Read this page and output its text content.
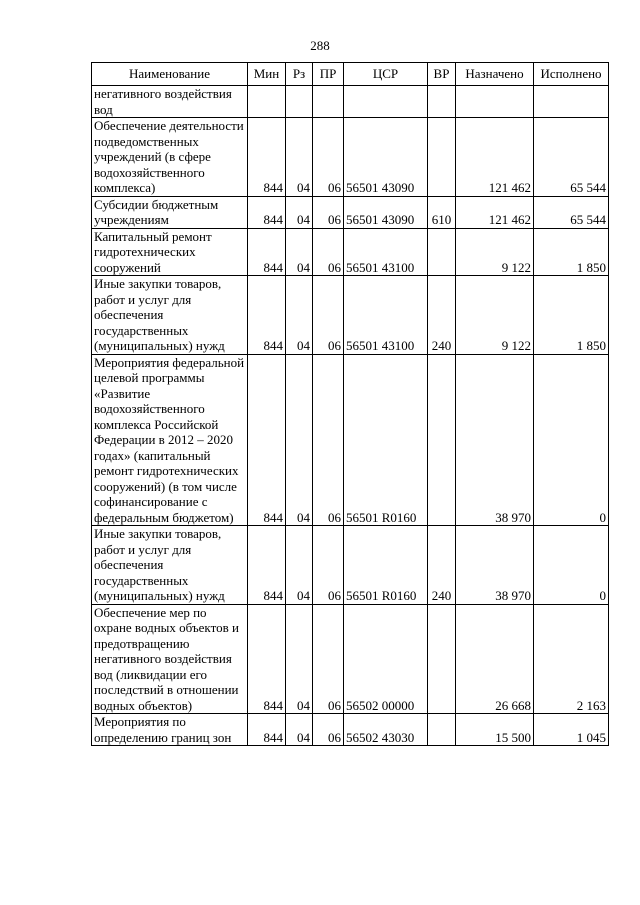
288
Наименование	Мин	Рз	ПР	ЦСР	ВР	Назначено	Исполнено
негативного воздействия вод							
Обеспечение деятельности подведомственных учреждений (в сфере водохозяйственного комплекса)	844	04	06	56501 43090		121 462	65 544
Субсидии бюджетным учреждениям	844	04	06	56501 43090	610	121 462	65 544
Капитальный ремонт гидротехнических сооружений	844	04	06	56501 43100		9 122	1 850
Иные закупки товаров, работ и услуг для обеспечения государственных (муниципальных) нужд	844	04	06	56501 43100	240	9 122	1 850
Мероприятия федеральной целевой программы «Развитие водохозяйственного комплекса Российской Федерации в 2012 – 2020 годах» (капитальный ремонт гидротехнических сооружений) (в том числе софинансирование с федеральным бюджетом)	844	04	06	56501 R0160		38 970	0
Иные закупки товаров, работ и услуг для обеспечения государственных (муниципальных) нужд	844	04	06	56501 R0160	240	38 970	0
Обеспечение мер по охране водных объектов и предотвращению негативного воздействия вод (ликвидации его последствий в отношении водных объектов)	844	04	06	56502 00000		26 668	2 163
Мероприятия по определению границ зон	844	04	06	56502 43030		15 500	1 045
